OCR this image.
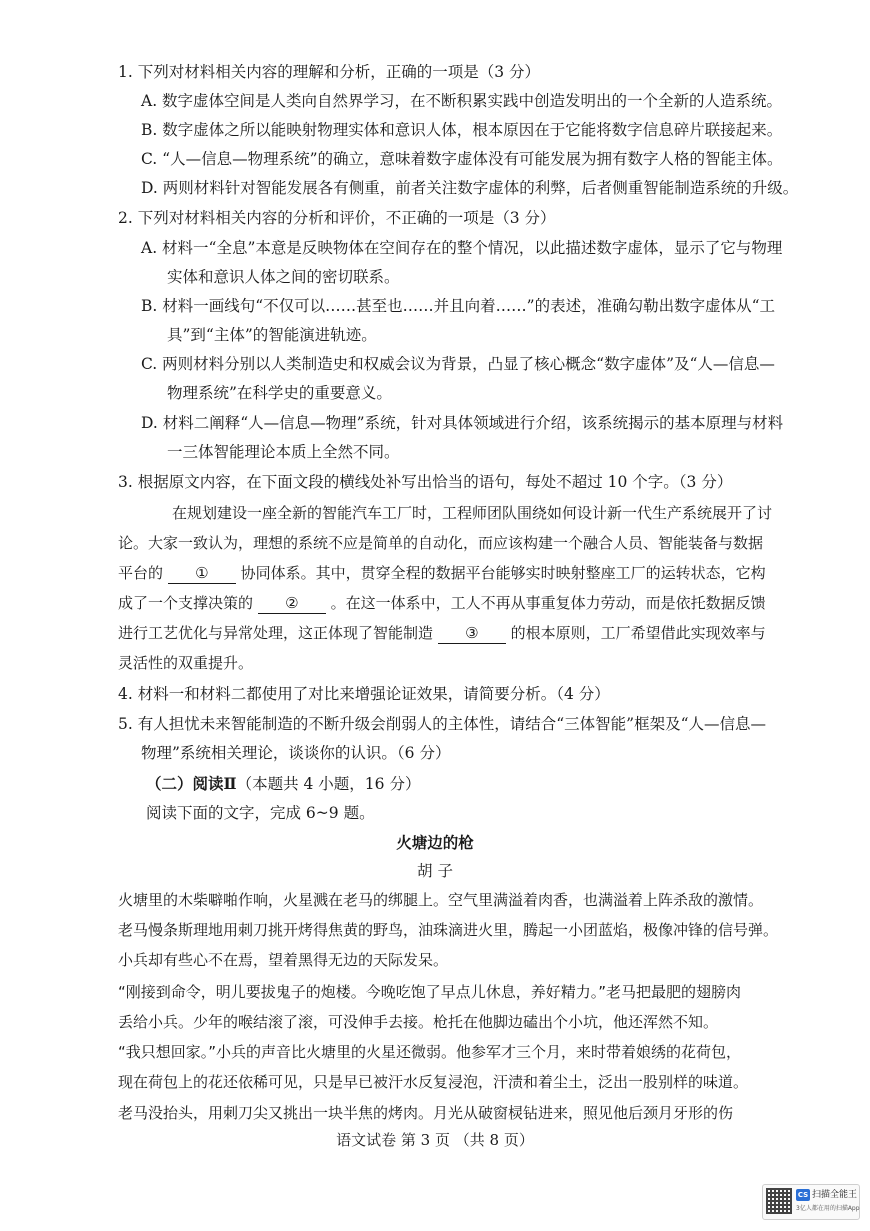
1. 下列对材料相关内容的理解和分析，正确的一项是（3 分）
A. 数字虚体空间是人类向自然界学习，在不断积累实践中创造发明出的一个全新的人造系统。
B. 数字虚体之所以能映射物理实体和意识人体，根本原因在于它能将数字信息碎片联接起来。
C. “人—信息—物理系统”的确立，意味着数字虚体没有可能发展为拥有数字人格的智能主体。
D. 两则材料针对智能发展各有侧重，前者关注数字虚体的利弊，后者侧重智能制造系统的升级。
2. 下列对材料相关内容的分析和评价，不正确的一项是（3 分）
A. 材料一“全息”本意是反映物体在空间存在的整个情况，以此描述数字虚体，显示了它与物理
实体和意识人体之间的密切联系。
B. 材料一画线句“不仅可以……甚至也……并且向着……”的表述，准确勾勒出数字虚体从“工
具”到“主体”的智能演进轨迹。
C. 两则材料分别以人类制造史和权威会议为背景，凸显了核心概念“数字虚体”及“人—信息—
物理系统”在科学史的重要意义。
D. 材料二阐释“人—信息—物理”系统，针对具体领域进行介绍，该系统揭示的基本原理与材料
一三体智能理论本质上全然不同。
3. 根据原文内容，在下面文段的横线处补写出恰当的语句，每处不超过 10 个字。（3 分）
在规划建设一座全新的智能汽车工厂时，工程师团队围绕如何设计新一代生产系统展开了讨
论。大家一致认为，理想的系统不应是简单的自动化，而应该构建一个融合人员、智能装备与数据
平台的 ① 协同体系。其中，贯穿全程的数据平台能够实时映射整座工厂的运转状态，它构
成了一个支撑决策的 ② 。在这一体系中，工人不再从事重复体力劳动，而是依托数据反馈
进行工艺优化与异常处理，这正体现了智能制造 ③ 的根本原则，工厂希望借此实现效率与
灵活性的双重提升。
4. 材料一和材料二都使用了对比来增强论证效果，请简要分析。（4 分）
5. 有人担忧未来智能制造的不断升级会削弱人的主体性，请结合“三体智能”框架及“人—信息—
物理”系统相关理论，谈谈你的认识。（6 分）
（二）阅读Ⅱ（本题共 4 小题，16 分）
阅读下面的文字，完成 6~9 题。
火塘边的枪
胡 子
火塘里的木柴噼啪作响，火星溅在老马的绑腿上。空气里满溢着肉香，也满溢着上阵杀敌的激情。
老马慢条斯理地用刺刀挑开烤得焦黄的野鸟，油珠滴进火里，腾起一小团蓝焰，极像冲锋的信号弹。
小兵却有些心不在焉，望着黑得无边的天际发呆。
“刚接到命令，明儿要拔鬼子的炮楼。今晚吃饱了早点儿休息，养好精力。”老马把最肥的翅膀肉
丢给小兵。少年的喉结滚了滚，可没伸手去接。枪托在他脚边磕出个小坑，他还浑然不知。
“我只想回家。”小兵的声音比火塘里的火星还微弱。他参军才三个月，来时带着娘绣的花荷包，
现在荷包上的花还依稀可见，只是早已被汗水反复浸泡，汗渍和着尘土，泛出一股别样的味道。
老马没抬头，用刺刀尖又挑出一块半焦的烤肉。月光从破窗棂钻进来，照见他后颈月牙形的伤
语文试卷 第 3 页 （共 8 页）
CS 扫描全能王
3亿人都在用的扫描App
